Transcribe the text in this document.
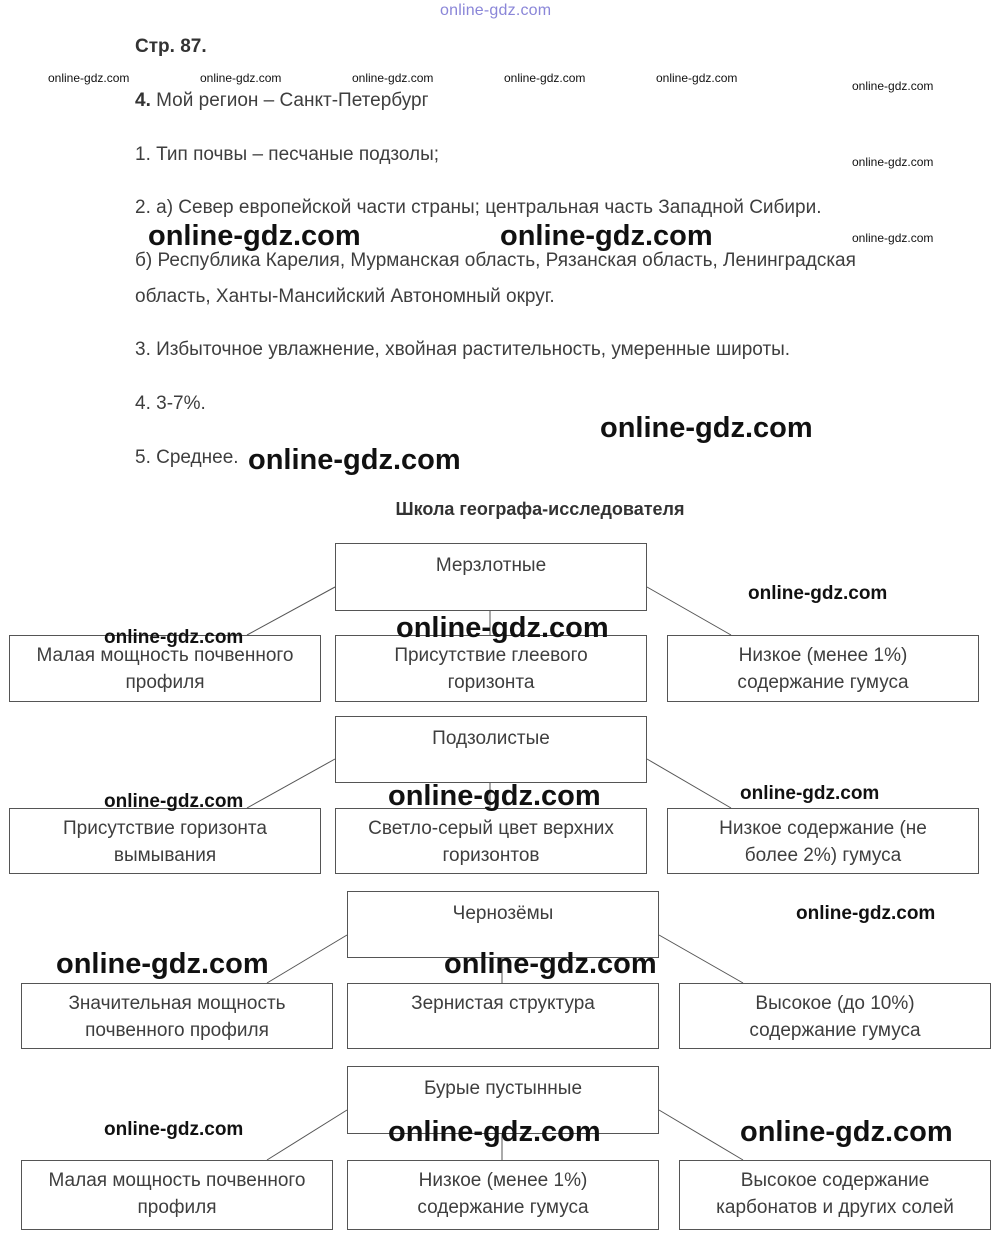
online-gdz.com
Стр. 87.
4. Мой регион – Санкт-Петербург
1. Тип почвы – песчаные подзолы;
2. а) Север европейской части страны; центральная часть Западной Сибири.
б) Республика Карелия, Мурманская область, Рязанская область, Ленинградская
область, Ханты-Мансийский Автономный округ.
3. Избыточное увлажнение, хвойная растительность, умеренные широты.
4. 3-7%.
5. Среднее.
online-gdz.com	online-gdz.com	online-gdz.com	online-gdz.com	online-gdz.com
online-gdz.com
online-gdz.com
online-gdz.com
online-gdz.com	online-gdz.com
online-gdz.com
online-gdz.com
Школа географа-исследователя
Мерзлотные
Малая мощность почвенного
профиля
Присутствие глеевого
горизонта
Низкое (менее 1%)
содержание гумуса
Подзолистые
Присутствие горизонта
вымывания
Светло-серый цвет верхних
горизонтов
Низкое содержание (не
более 2%) гумуса
Чернозёмы
Значительная мощность
почвенного профиля
Зернистая структура	Высокое (до 10%)
содержание гумуса
Бурые пустынные
Малая мощность почвенного
профиля
Низкое (менее 1%)
содержание гумуса
Высокое содержание
карбонатов и других солей
online-gdz.com
online-gdz.com	online-gdz.com
online-gdz.com	online-gdz.com	online-gdz.com
online-gdz.com
online-gdz.com	online-gdz.com
online-gdz.com	online-gdz.com	online-gdz.com
